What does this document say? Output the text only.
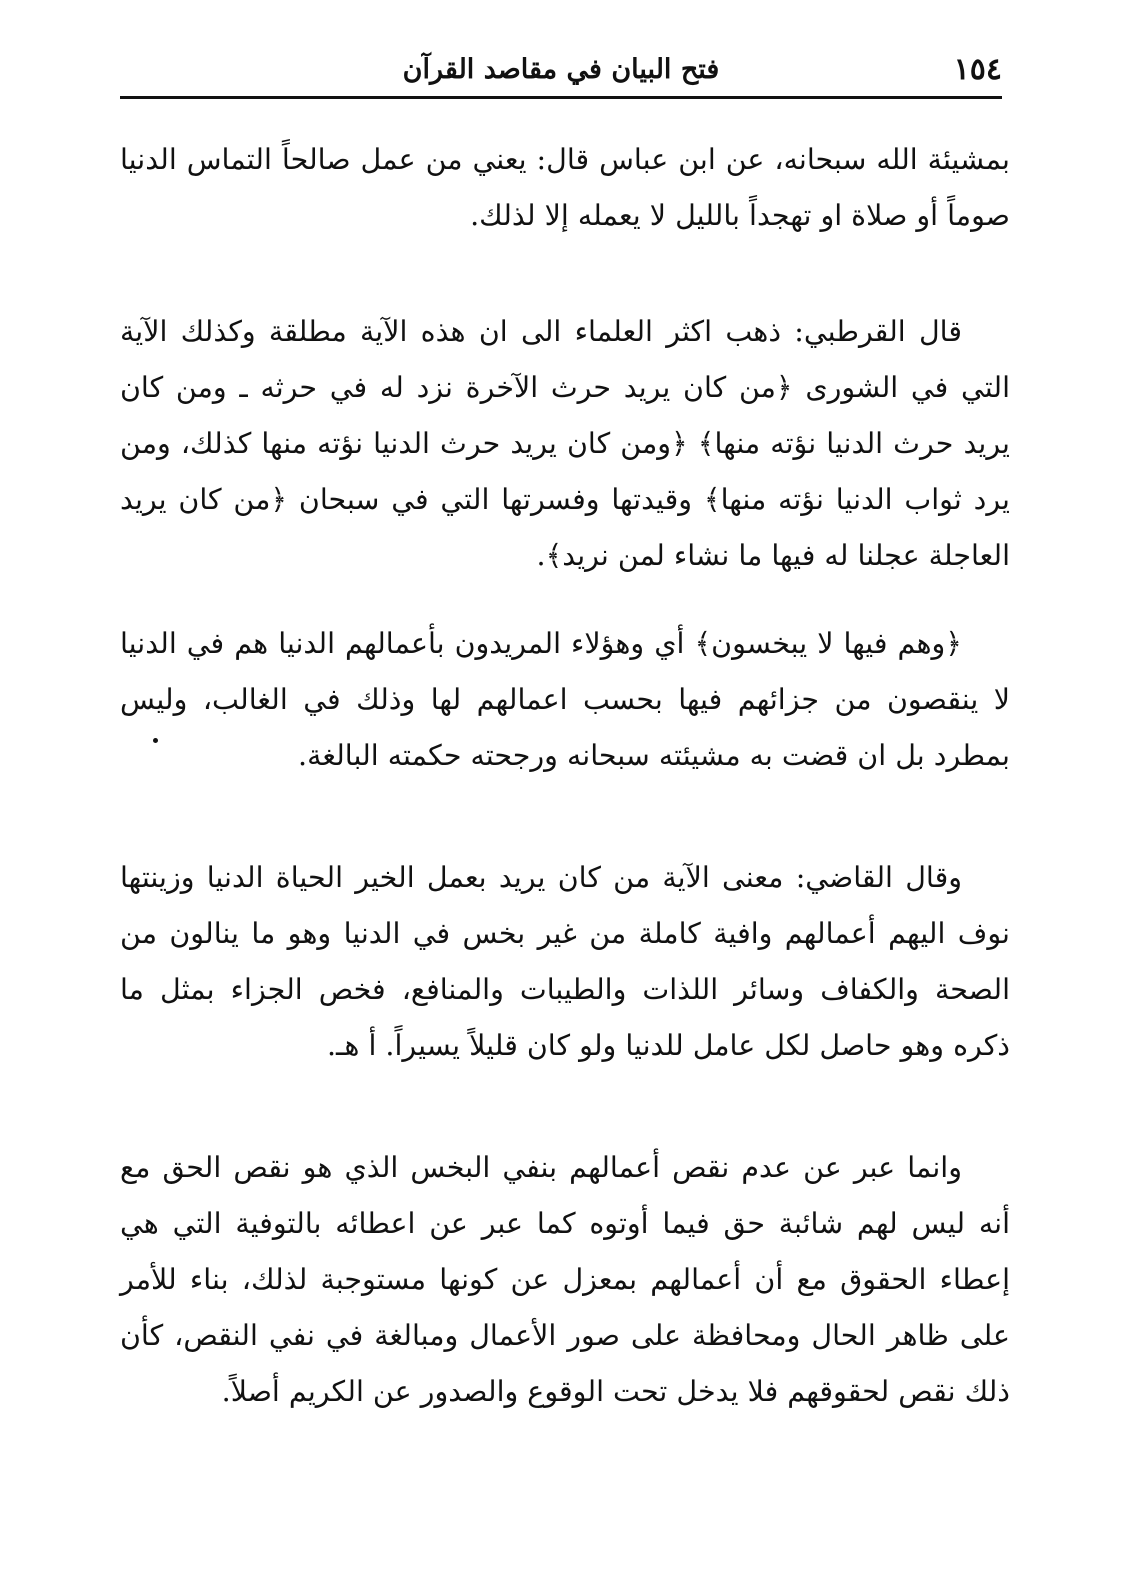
١٥٤
فتح البيان في مقاصد القرآن

بمشيئة الله سبحانه، عن ابن عباس قال: يعني من عمل صالحاً التماس الدنيا صوماً أو صلاة او تهجداً بالليل لا يعمله إلا لذلك.

قال القرطبي: ذهب اكثر العلماء الى ان هذه الآية مطلقة وكذلك الآية التي في الشورى ﴿من كان يريد حرث الآخرة نزد له في حرثه ـ ومن كان يريد حرث الدنيا نؤته منها﴾ ﴿ومن كان يريد حرث الدنيا نؤته منها كذلك، ومن يرد ثواب الدنيا نؤته منها﴾ وقيدتها وفسرتها التي في سبحان ﴿من كان يريد العاجلة عجلنا له فيها ما نشاء لمن نريد﴾.

﴿وهم فيها لا يبخسون﴾ أي وهؤلاء المريدون بأعمالهم الدنيا هم في الدنيا لا ينقصون من جزائهم فيها بحسب اعمالهم لها وذلك في الغالب، وليس بمطرد بل ان قضت به مشيئته سبحانه ورجحته حكمته البالغة.

وقال القاضي: معنى الآية من كان يريد بعمل الخير الحياة الدنيا وزينتها نوف اليهم أعمالهم وافية كاملة من غير بخس في الدنيا وهو ما ينالون من الصحة والكفاف وسائر اللذات والطيبات والمنافع، فخص الجزاء بمثل ما ذكره وهو حاصل لكل عامل للدنيا ولو كان قليلاً يسيراً. أ هـ.

وانما عبر عن عدم نقص أعمالهم بنفي البخس الذي هو نقص الحق مع أنه ليس لهم شائبة حق فيما أوتوه كما عبر عن اعطائه بالتوفية التي هي إعطاء الحقوق مع أن أعمالهم بمعزل عن كونها مستوجبة لذلك، بناء للأمر على ظاهر الحال ومحافظة على صور الأعمال ومبالغة في نفي النقص، كأن ذلك نقص لحقوقهم فلا يدخل تحت الوقوع والصدور عن الكريم أصلاً.
